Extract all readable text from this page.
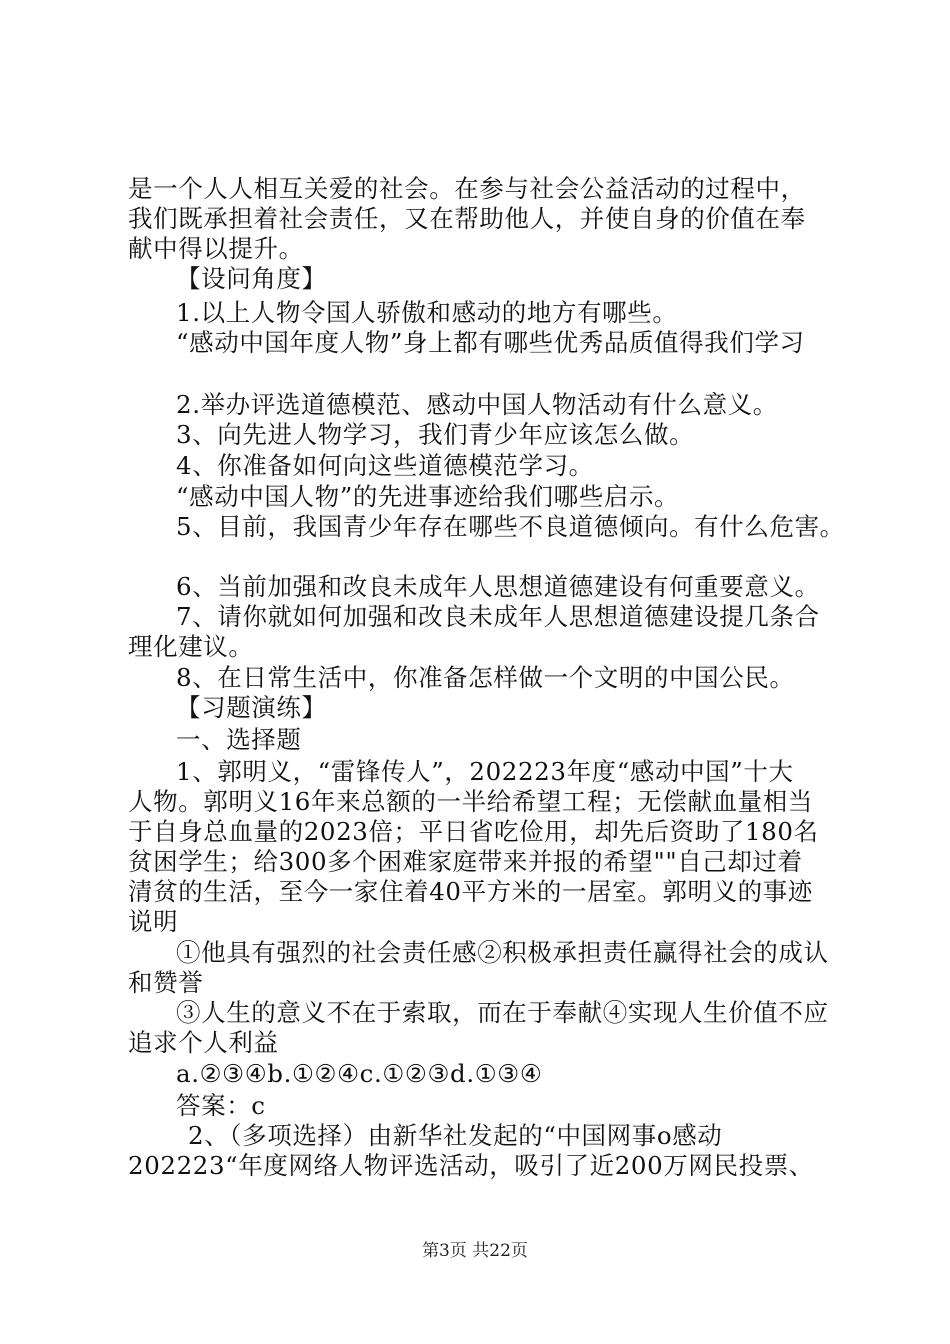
是一个人人相互关爱的社会。在参与社会公益活动的过程中，
我们既承担着社会责任，又在帮助他人，并使自身的价值在奉
献中得以提升。
【设问角度】
1.以上人物令国人骄傲和感动的地方有哪些。
“感动中国年度人物”身上都有哪些优秀品质值得我们学习
2.举办评选道德模范、感动中国人物活动有什么意义。
3、向先进人物学习，我们青少年应该怎么做。
4、你准备如何向这些道德模范学习。
“感动中国人物”的先进事迹给我们哪些启示。
5、目前，我国青少年存在哪些不良道德倾向。有什么危害。
6、当前加强和改良未成年人思想道德建设有何重要意义。
7、请你就如何加强和改良未成年人思想道德建设提几条合
理化建议。
8、在日常生活中，你准备怎样做一个文明的中国公民。
【习题演练】
一、选择题
1、郭明义，“雷锋传人”，202223年度“感动中国”十大
人物。郭明义16年来总额的一半给希望工程；无偿献血量相当
于自身总血量的2023倍；平日省吃俭用，却先后资助了180名
贫困学生；给300多个困难家庭带来并报的希望""自己却过着
清贫的生活，至今一家住着40平方米的一居室。郭明义的事迹
说明
①他具有强烈的社会责任感②积极承担责任赢得社会的成认
和赞誉
③人生的意义不在于索取，而在于奉献④实现人生价值不应
追求个人利益
a.②③④b.①②④c.①②③d.①③④
答案：c
2、（多项选择）由新华社发起的“中国网事o感动
202223“年度网络人物评选活动，吸引了近200万网民投票、
第3页 共22页
